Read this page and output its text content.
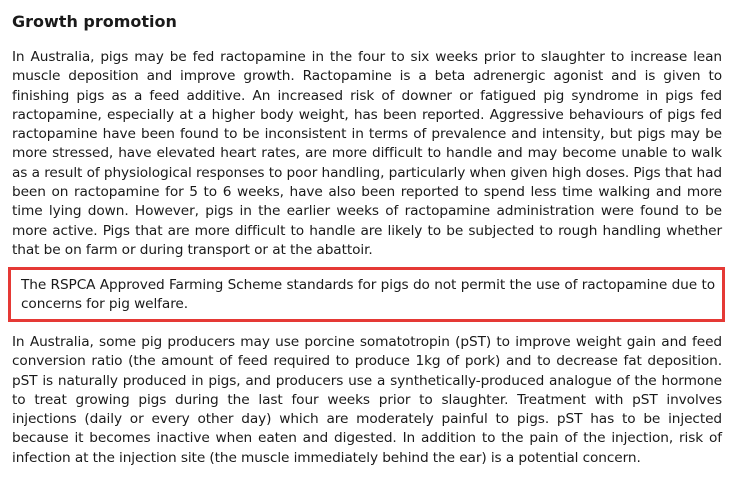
Growth promotion

In Australia, pigs may be fed ractopamine in the four to six weeks prior to slaughter to increase lean muscle deposition and improve growth. Ractopamine is a beta adrenergic agonist and is given to finishing pigs as a feed additive. An increased risk of downer or fatigued pig syndrome in pigs fed ractopamine, especially at a higher body weight, has been reported. Aggressive behaviours of pigs fed ractopamine have been found to be inconsistent in terms of prevalence and intensity, but pigs may be more stressed, have elevated heart rates, are more difficult to handle and may become unable to walk as a result of physiological responses to poor handling, particularly when given high doses. Pigs that had been on ractopamine for 5 to 6 weeks, have also been reported to spend less time walking and more time lying down. However, pigs in the earlier weeks of ractopamine administration were found to be more active. Pigs that are more difficult to handle are likely to be subjected to rough handling whether that be on farm or during transport or at the abattoir.

The RSPCA Approved Farming Scheme standards for pigs do not permit the use of ractopamine due to concerns for pig welfare.

In Australia, some pig producers may use porcine somatotropin (pST) to improve weight gain and feed conversion ratio (the amount of feed required to produce 1kg of pork) and to decrease fat deposition. pST is naturally produced in pigs, and producers use a synthetically-produced analogue of the hormone to treat growing pigs during the last four weeks prior to slaughter. Treatment with pST involves injections (daily or every other day) which are moderately painful to pigs. pST has to be injected because it becomes inactive when eaten and digested. In addition to the pain of the injection, risk of infection at the injection site (the muscle immediately behind the ear) is a potential concern.
